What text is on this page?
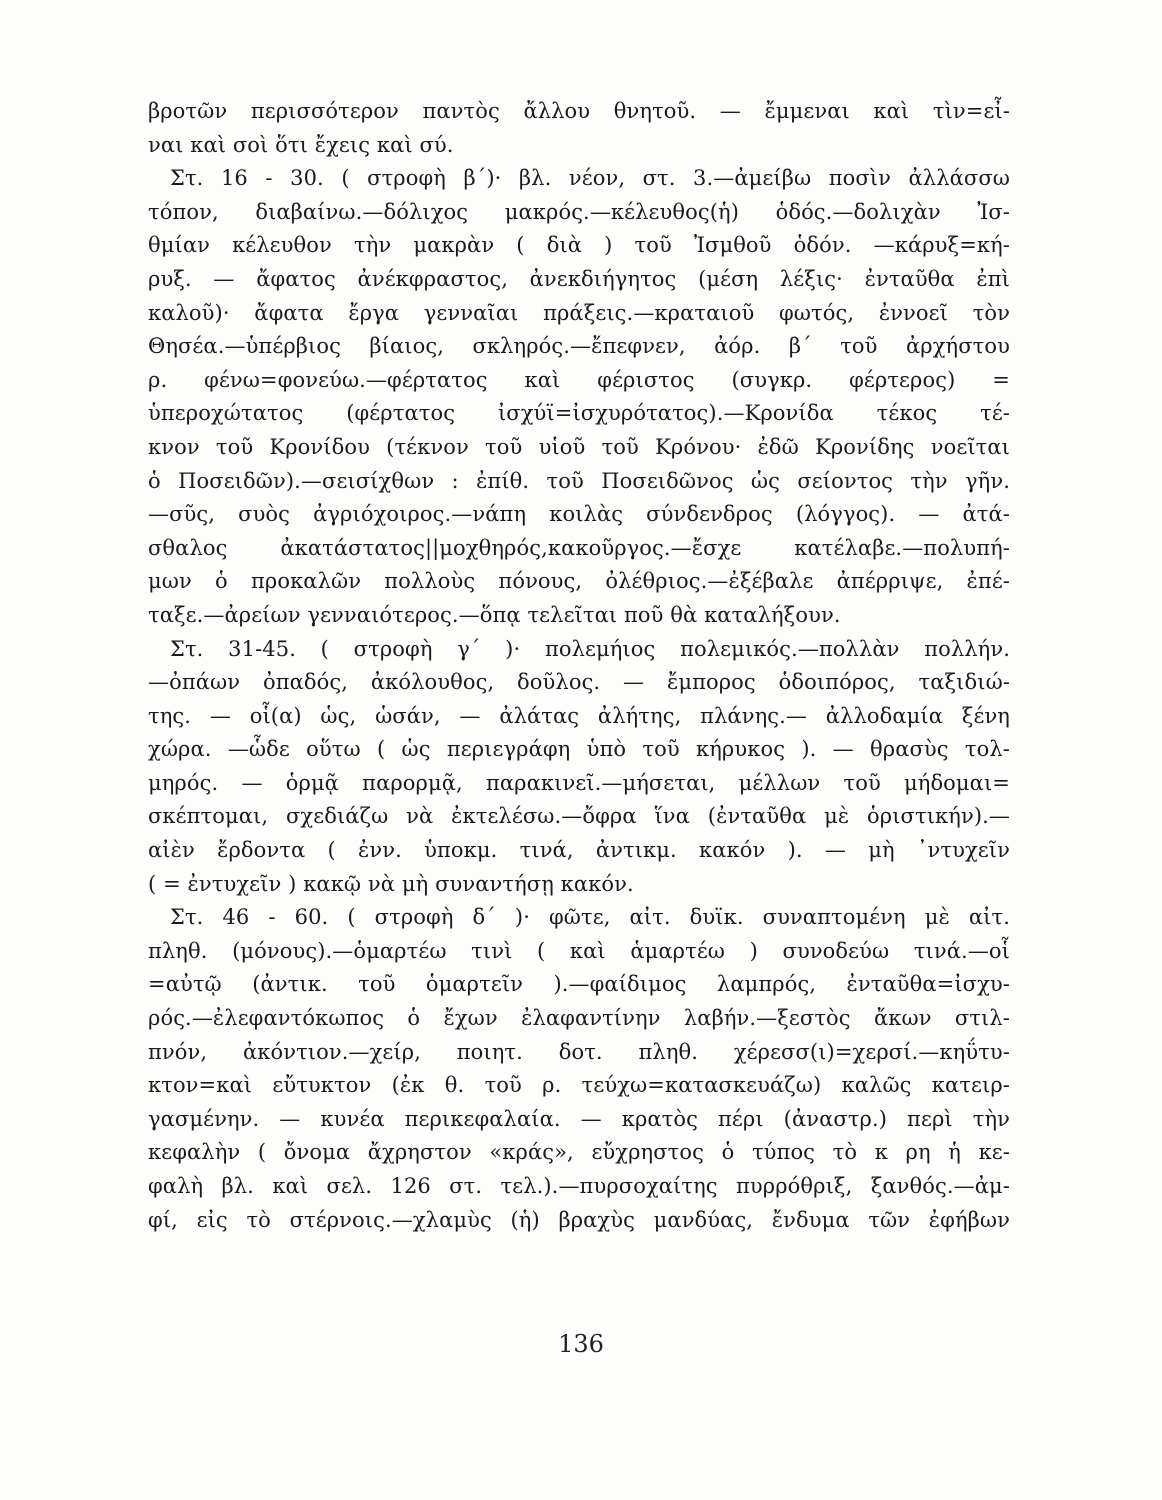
βροτῶν περισσότερον παντὸς ἄλλου θνητοῦ. — ἔμμεναι καὶ τὶν=εἶ-
ναι καὶ σοὶ ὅτι ἔχεις καὶ σύ.
Στ. 16 - 30. ( στροφὴ β΄)· βλ. νέον, στ. 3.—ἀμείβω ποσὶν ἀλλάσσω
τόπον, διαβαίνω.—δόλιχος μακρός.—κέλευθος(ἡ) ὁδός.—δολιχὰν Ἰσ-
θμίαν κέλευθον τὴν μακρὰν ( διὰ ) τοῦ Ἰσμθοῦ ὁδόν. —κάρυξ=κή-
ρυξ. — ἄφατος ἀνέκφραστος, ἀνεκδιήγητος (μέση λέξις· ἐνταῦθα ἐπὶ
καλοῦ)· ἄφατα ἔργα γενναῖαι πράξεις.—κραταιοῦ φωτός, ἐννοεῖ τὸν
Θησέα.—ὑπέρβιος βίαιος, σκληρός.—ἔπεφνεν, ἀόρ. β΄ τοῦ ἀρχήστου
ρ. φένω=φονεύω.—φέρτατος καὶ φέριστος (συγκρ. φέρτερος) =
ὑπεροχώτατος (φέρτατος ἰσχύϊ=ἰσχυρότατος).—Κρονίδα τέκος τέ-
κνον τοῦ Κρονίδου (τέκνον τοῦ υἱοῦ τοῦ Κρόνου· ἐδῶ Κρονίδης νοεῖται
ὁ Ποσειδῶν).—σεισίχθων : ἐπίθ. τοῦ Ποσειδῶνος ὡς σείοντος τὴν γῆν.
—σῦς, συὸς ἀγριόχοιρος.—νάπη κοιλὰς σύνδενδρος (λόγγος). — ἀτά-
σθαλος ἀκατάστατος||μοχθηρός,κακοῦργος.—ἔσχε κατέλαβε.—πολυπή-
μων ὁ προκαλῶν πολλοὺς πόνους, ὀλέθριος.—ἐξέβαλε ἀπέρριψε, ἐπέ-
ταξε.—ἀρείων γενναιότερος.—ὅπᾳ τελεῖται ποῦ θὰ καταλήξουν.
Στ. 31-45. ( στροφὴ γ΄ )· πολεμήιος πολεμικός.—πολλὰν πολλήν.
—ὀπάων ὀπαδός, ἀκόλουθος, δοῦλος. — ἔμπορος ὁδοιπόρος, ταξιδιώ-
της. — οἷ(α) ὡς, ὡσάν, — ἀλάτας ἀλήτης, πλάνης.— ἀλλοδαμία ξένη
χώρα. —ὧδε οὕτω ( ὡς περιεγράφη ὑπὸ τοῦ κήρυκος ). — θρασὺς τολ-
μηρός. — ὁρμᾷ παρορμᾷ, παρακινεῖ.—μήσεται, μέλλων τοῦ μήδομαι=
σκέπτομαι, σχεδιάζω νὰ ἐκτελέσω.—ὄφρα ἵνα (ἐνταῦθα μὲ ὁριστικήν).—
αἰὲν ἔρδοντα ( ἐνν. ὑποκμ. τινά, ἀντικμ. κακόν ). — μὴ ᾿ντυχεῖν
( = ἐντυχεῖν ) κακῷ νὰ μὴ συναντήσῃ κακόν.
Στ. 46 - 60. ( στροφὴ δ΄ )· φῶτε, αἰτ. δυϊκ. συναπτομένη μὲ αἰτ.
πληθ. (μόνους).—ὁμαρτέω τινὶ ( καὶ ἁμαρτέω ) συνοδεύω τινά.—οἷ
=αὐτῷ (ἀντικ. τοῦ ὁμαρτεῖν ).—φαίδιμος λαμπρός, ἐνταῦθα=ἰσχυ-
ρός.—ἐλεφαντόκωπος ὁ ἔχων ἐλαφαντίνην λαβήν.—ξεστὸς ἄκων στιλ-
πνόν, ἀκόντιον.—χείρ, ποιητ. δοτ. πληθ. χέρεσσ(ι)=χερσί.—κηΰτυ-
κτον=καὶ εὔτυκτον (ἐκ θ. τοῦ ρ. τεύχω=κατασκευάζω) καλῶς κατειρ-
γασμένην. — κυνέα περικεφαλαία. — κρατὸς πέρι (ἀναστρ.) περὶ τὴν
κεφαλὴν ( ὄνομα ἄχρηστον «κράς», εὔχρηστος ὁ τύπος τὸ κ ρη ἡ κε-
φαλὴ βλ. καὶ σελ. 126 στ. τελ.).—πυρσοχαίτης πυρρόθριξ, ξανθός.—ἀμ-
φί, εἰς τὸ στέρνοις.—χλαμὺς (ἡ) βραχὺς μανδύας, ἔνδυμα τῶν ἐφήβων
136
